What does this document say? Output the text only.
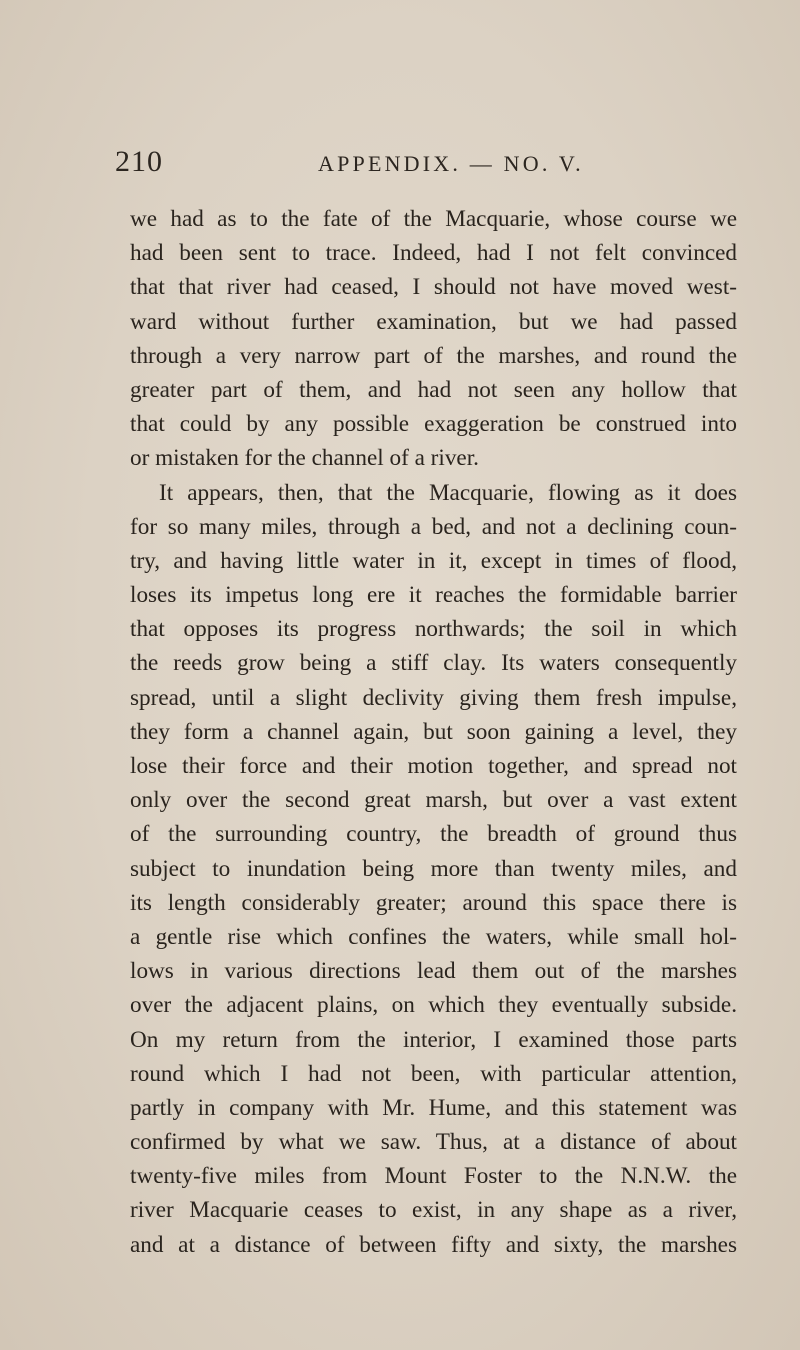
210	APPENDIX. — NO. V.
we had as to the fate of the Macquarie, whose course we
had been sent to trace. Indeed, had I not felt convinced
that that river had ceased, I should not have moved west-
ward without further examination, but we had passed
through a very narrow part of the marshes, and round the
greater part of them, and had not seen any hollow that
that could by any possible exaggeration be construed into
or mistaken for the channel of a river.
It appears, then, that the Macquarie, flowing as it does
for so many miles, through a bed, and not a declining coun-
try, and having little water in it, except in times of flood,
loses its impetus long ere it reaches the formidable barrier
that opposes its progress northwards; the soil in which
the reeds grow being a stiff clay. Its waters consequently
spread, until a slight declivity giving them fresh impulse,
they form a channel again, but soon gaining a level, they
lose their force and their motion together, and spread not
only over the second great marsh, but over a vast extent
of the surrounding country, the breadth of ground thus
subject to inundation being more than twenty miles, and
its length considerably greater; around this space there is
a gentle rise which confines the waters, while small hol-
lows in various directions lead them out of the marshes
over the adjacent plains, on which they eventually subside.
On my return from the interior, I examined those parts
round which I had not been, with particular attention,
partly in company with Mr. Hume, and this statement was
confirmed by what we saw. Thus, at a distance of about
twenty-five miles from Mount Foster to the N.N.W. the
river Macquarie ceases to exist, in any shape as a river,
and at a distance of between fifty and sixty, the marshes
